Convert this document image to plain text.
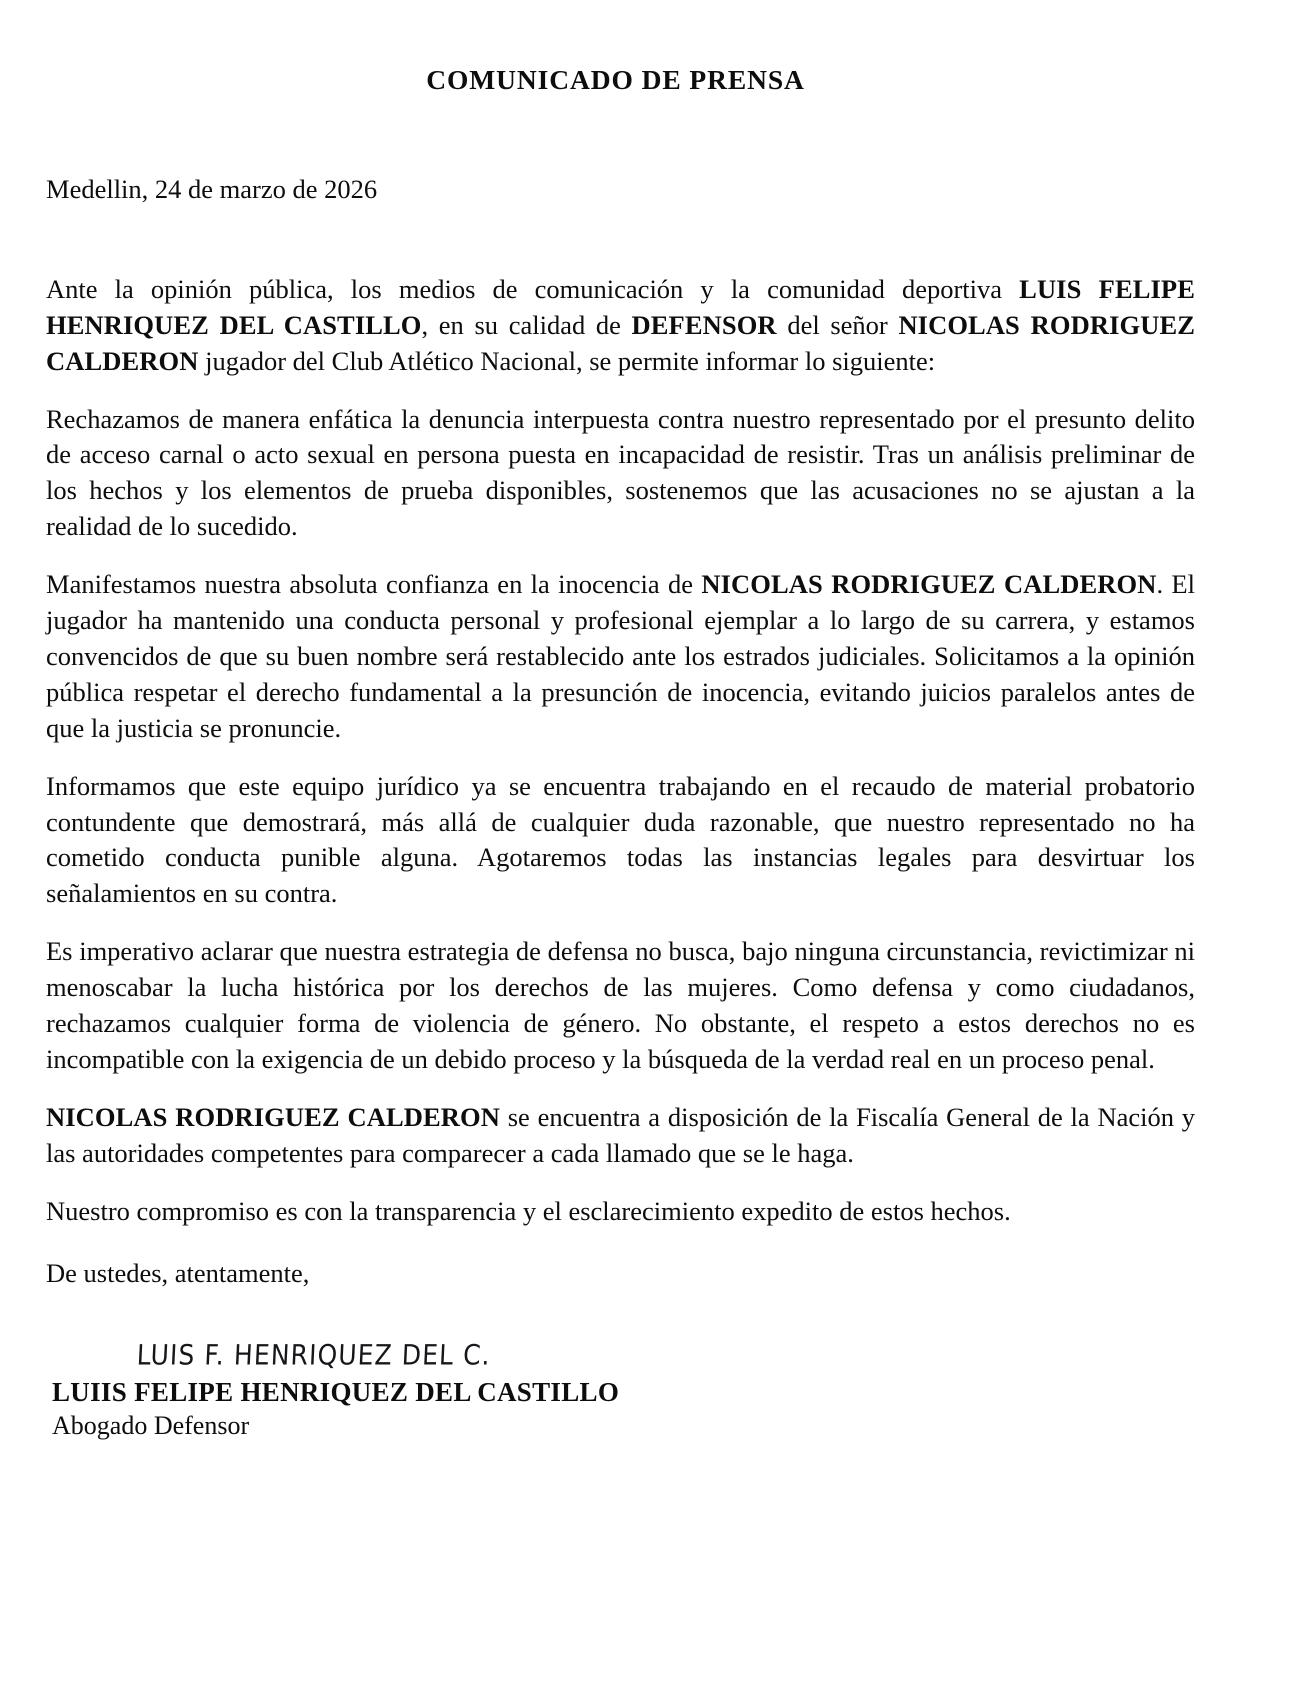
COMUNICADO DE PRENSA
Medellin, 24 de marzo de 2026

Ante la opinión pública, los medios de comunicación y la comunidad deportiva LUIS FELIPE HENRIQUEZ DEL CASTILLO, en su calidad de DEFENSOR del señor NICOLAS RODRIGUEZ CALDERON jugador del Club Atlético Nacional, se permite informar lo siguiente:

Rechazamos de manera enfática la denuncia interpuesta contra nuestro representado por el presunto delito de acceso carnal o acto sexual en persona puesta en incapacidad de resistir. Tras un análisis preliminar de los hechos y los elementos de prueba disponibles, sostenemos que las acusaciones no se ajustan a la realidad de lo sucedido.

Manifestamos nuestra absoluta confianza en la inocencia de NICOLAS RODRIGUEZ CALDERON. El jugador ha mantenido una conducta personal y profesional ejemplar a lo largo de su carrera, y estamos convencidos de que su buen nombre será restablecido ante los estrados judiciales. Solicitamos a la opinión pública respetar el derecho fundamental a la presunción de inocencia, evitando juicios paralelos antes de que la justicia se pronuncie.

Informamos que este equipo jurídico ya se encuentra trabajando en el recaudo de material probatorio contundente que demostrará, más allá de cualquier duda razonable, que nuestro representado no ha cometido conducta punible alguna. Agotaremos todas las instancias legales para desvirtuar los señalamientos en su contra.

Es imperativo aclarar que nuestra estrategia de defensa no busca, bajo ninguna circunstancia, revictimizar ni menoscabar la lucha histórica por los derechos de las mujeres. Como defensa y como ciudadanos, rechazamos cualquier forma de violencia de género. No obstante, el respeto a estos derechos no es incompatible con la exigencia de un debido proceso y la búsqueda de la verdad real en un proceso penal.

NICOLAS RODRIGUEZ CALDERON se encuentra a disposición de la Fiscalía General de la Nación y las autoridades competentes para comparecer a cada llamado que se le haga.

Nuestro compromiso es con la transparencia y el esclarecimiento expedito de estos hechos.

De ustedes, atentamente,
LUIS F. HENRIQUEZ DEL C.
LUIIS FELIPE HENRIQUEZ DEL CASTILLO
Abogado Defensor
